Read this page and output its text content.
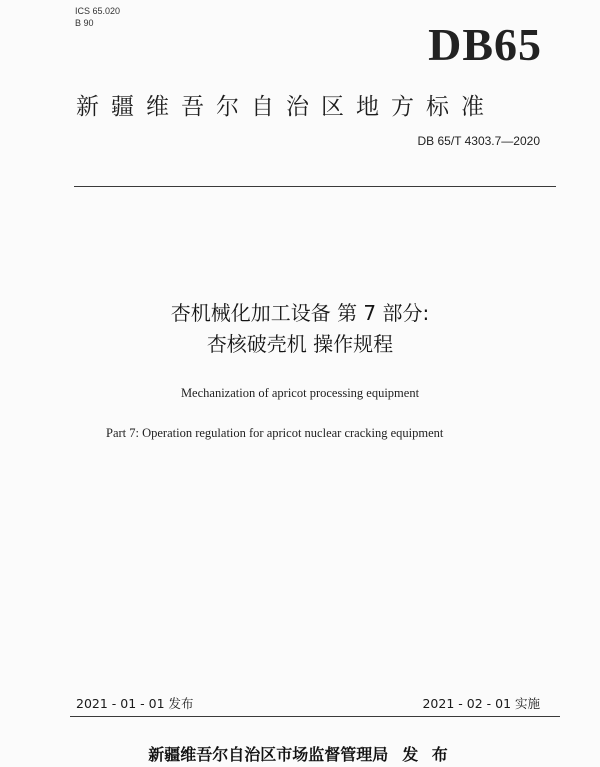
ICS 65.020
B 90	DB65
新疆维吾尔自治区地方标准
DB 65/T 4303.7—2020
杏机械化加工设备 第 7 部分:
杏核破壳机 操作规程
Mechanization of apricot processing equipment
Part 7: Operation regulation for apricot nuclear cracking equipment
2021 - 01 - 01 发布	2021 - 02 - 01 实施
新疆维吾尔自治区市场监督管理局 发 布
